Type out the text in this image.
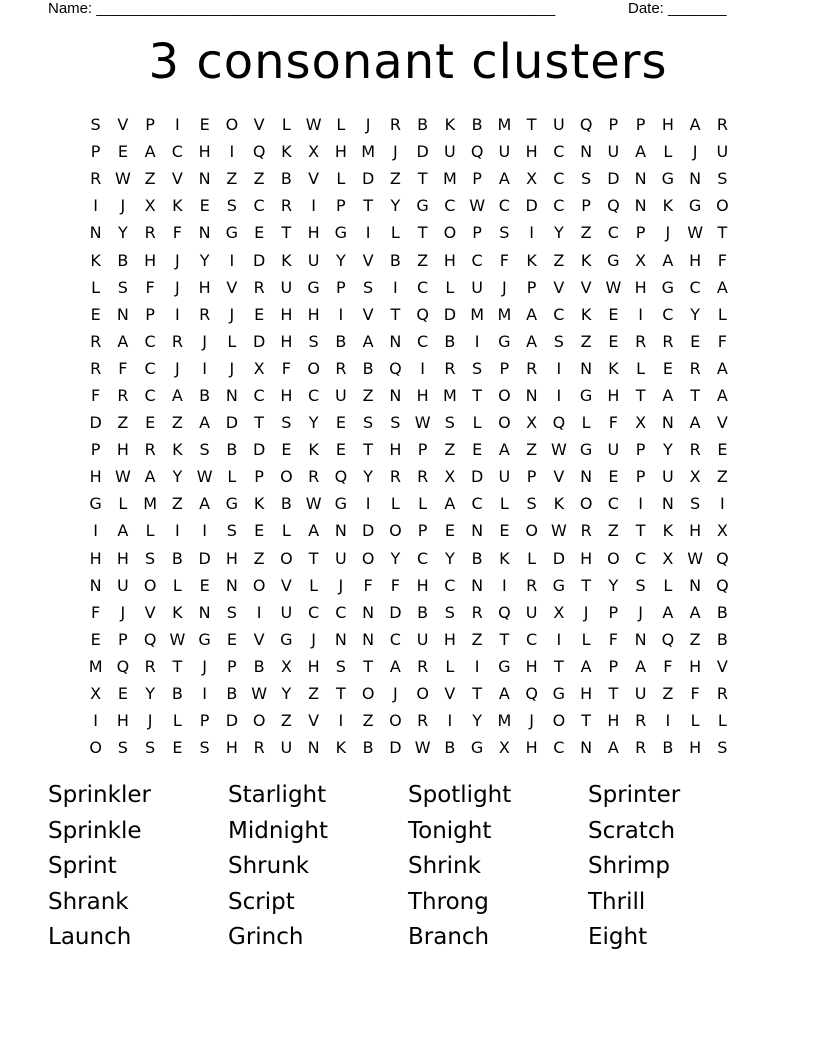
Name: _______________________________________________________	Date: _______
3 consonant clusters
S	V	P	I	E O V	L W L	J	R	B	K	B M T	U Q	P	P	H A	R
P	E	A	C H	I	Q K	X H M	J	D U Q U H C N U A	L	J	U
R W Z	V N Z	Z	B	V	L	D Z	T M P	A	X	C	S	D N G N	S
I	J	X	K	E	S	C	R	I	P	T	Y	G C W C D C	P	Q N	K G O
N	Y	R	F	N G E	T	H G	I	L	T	O	P	S	I	Y	Z	C	P	J	W T
K	B H	J	Y	I	D K	U	Y	V	B	Z H C	F	K	Z	K G X	A H	F
L	S	F	J	H V	R U G	P	S	I	C	L	U	J	P	V	V W H G C	A
E	N	P	I	R	J	E	H H	I	V	T	Q D M M A	C	K	E	I	C	Y	L
R	A	C	R	J	L	D H	S	B	A N C	B	I	G A	S	Z	E	R	R	E	F
R	F	C	J	I	J	X	F	O R	B Q	I	R	S	P	R	I	N	K	L	E	R	A
F	R	C	A	B N C H C U Z N H M T	O N	I	G H	T	A	T	A
D Z	E	Z	A D	T	S	Y	E	S	S W S	L	O X Q	L	F	X N A	V
P	H R	K	S	B D	E	K	E	T	H	P	Z	E	A	Z W G U	P	Y	R	E
H W A	Y W L	P	O R Q	Y	R	R	X D U	P	V N	E	P	U X	Z
G	L M Z	A G K	B W G	I	L	L	A	C	L	S	K O C	I	N	S	I
I	A	L	I	I	S	E	L	A N D O	P	E	N	E O W R	Z	T	K H X
H H	S	B D H Z O	T	U O	Y	C	Y	B	K	L	D H O C	X W Q
N U O	L	E	N O V	L	J	F	F	H C N	I	R G	T	Y	S	L	N Q
F	J	V	K	N	S	I	U C	C N D B	S	R Q U X	J	P	J	A	A	B
E	P	Q W G E	V G	J	N N C U H Z	T	C	I	L	F	N Q Z	B
M Q R	T	J	P	B	X H	S	T	A	R	L	I	G H	T	A	P	A	F	H V
X	E	Y	B	I	B W Y	Z	T	O	J	O V	T	A Q G H	T	U Z	F	R
I	H	J	L	P	D O Z	V	I	Z O R	I	Y M	J	O	T	H R	I	L	L
O S	S	E	S	H R U N	K	B D W B G X H C N A	R	B H	S
Sprinkler	Starlight	Spotlight	Sprinter
Sprinkle	Midnight	Tonight	Scratch
Sprint	Shrunk	Shrink	Shrimp
Shrank	Script	Throng	Thrill
Launch	Grinch	Branch	Eight
